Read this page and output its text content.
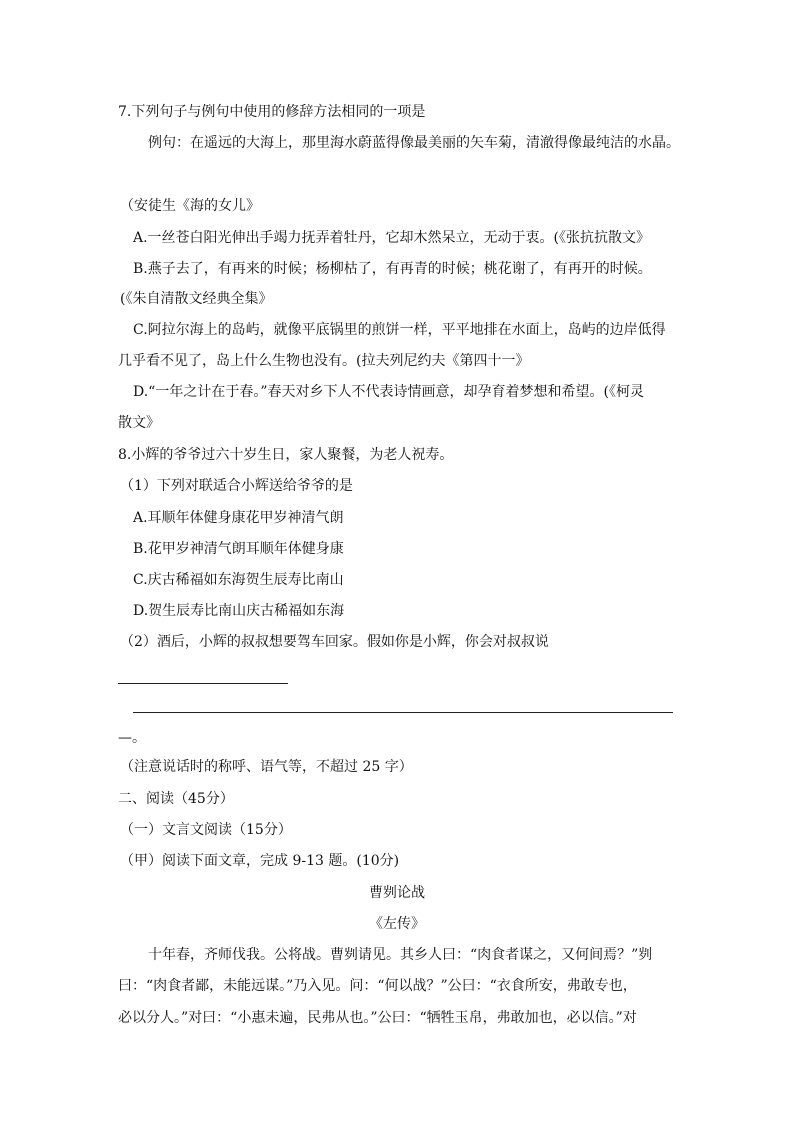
7.下列句子与例句中使用的修辞方法相同的一项是
例句：在遥远的大海上，那里海水蔚蓝得像最美丽的矢车菊，清澈得像最纯洁的水晶。
（安徒生《海的女儿》
A.一丝苍白阳光伸出手竭力抚弄着牡丹，它却木然呆立，无动于衷。(《张抗抗散文》
B.燕子去了，有再来的时候；杨柳枯了，有再青的时候；桃花谢了，有再开的时候。
(《朱自清散文经典全集》
C.阿拉尔海上的岛屿，就像平底锅里的煎饼一样，平平地排在水面上，岛屿的边岸低得
几乎看不见了，岛上什么生物也没有。(拉夫列尼约夫《第四十一》
D.“一年之计在于春。”春天对乡下人不代表诗情画意，却孕育着梦想和希望。(《柯灵
散文》
8.小辉的爷爷过六十岁生日，家人聚餐，为老人祝寿。
（1）下列对联适合小辉送给爷爷的是
A.耳顺年体健身康花甲岁神清气朗
B.花甲岁神清气朗耳顺年体健身康
C.庆古稀福如东海贺生辰寿比南山
D.贺生辰寿比南山庆古稀福如东海
（2）酒后，小辉的叔叔想要驾车回家。假如你是小辉，你会对叔叔说
—。
（注意说话时的称呼、语气等，不超过 25 字）
二、阅读（45分）
（一）文言文阅读（15分）
（甲）阅读下面文章，完成 9-13 题。(10分)
曹刿论战
《左传》
十年春，齐师伐我。公将战。曹刿请见。其乡人曰：“肉食者谋之，又何间焉？”刿
曰：“肉食者鄙，未能远谋。”乃入见。问：“何以战？”公曰：“衣食所安，弗敢专也，
必以分人。”对曰：“小惠未遍，民弗从也。”公曰：“牺牲玉帛，弗敢加也，必以信。”对
